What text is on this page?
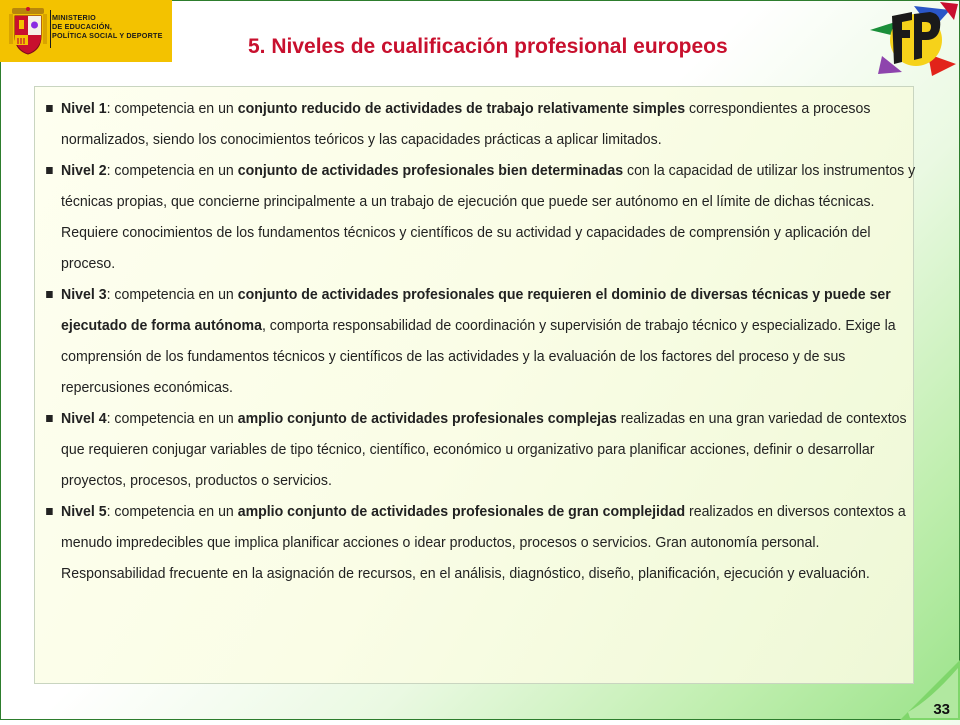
MINISTERIO
DE EDUCACIÓN,
POLÍTICA SOCIAL Y DEPORTE	5. Niveles de cualificación profesional europeos
Nivel 1: competencia en un conjunto reducido de actividades de trabajo relativamente simples correspondientes a procesos normalizados, siendo los conocimientos teóricos y las capacidades prácticas a aplicar limitados.
Nivel 2: competencia en un conjunto de actividades profesionales bien determinadas con la capacidad de utilizar los instrumentos y técnicas propias, que concierne principalmente a un trabajo de ejecución que puede ser autónomo en el límite de dichas técnicas. Requiere conocimientos de los fundamentos técnicos y científicos de su actividad y capacidades de comprensión y aplicación del proceso.
Nivel 3: competencia en un conjunto de actividades profesionales que requieren el dominio de diversas técnicas y puede ser ejecutado de forma autónoma, comporta responsabilidad de coordinación y supervisión de trabajo técnico y especializado. Exige la comprensión de los fundamentos técnicos y científicos de las actividades y la evaluación de los factores del proceso y de sus repercusiones económicas.
Nivel 4: competencia en un amplio conjunto de actividades profesionales complejas realizadas en una gran variedad de contextos que requieren conjugar variables de tipo técnico, científico, económico u organizativo para planificar acciones, definir o desarrollar proyectos, procesos, productos o servicios.
Nivel 5: competencia en un amplio conjunto de actividades profesionales de gran complejidad realizados en diversos contextos a menudo impredecibles que implica planificar acciones o idear productos, procesos o servicios. Gran autonomía personal. Responsabilidad frecuente en la asignación de recursos, en el análisis, diagnóstico, diseño, planificación, ejecución y evaluación.
33
